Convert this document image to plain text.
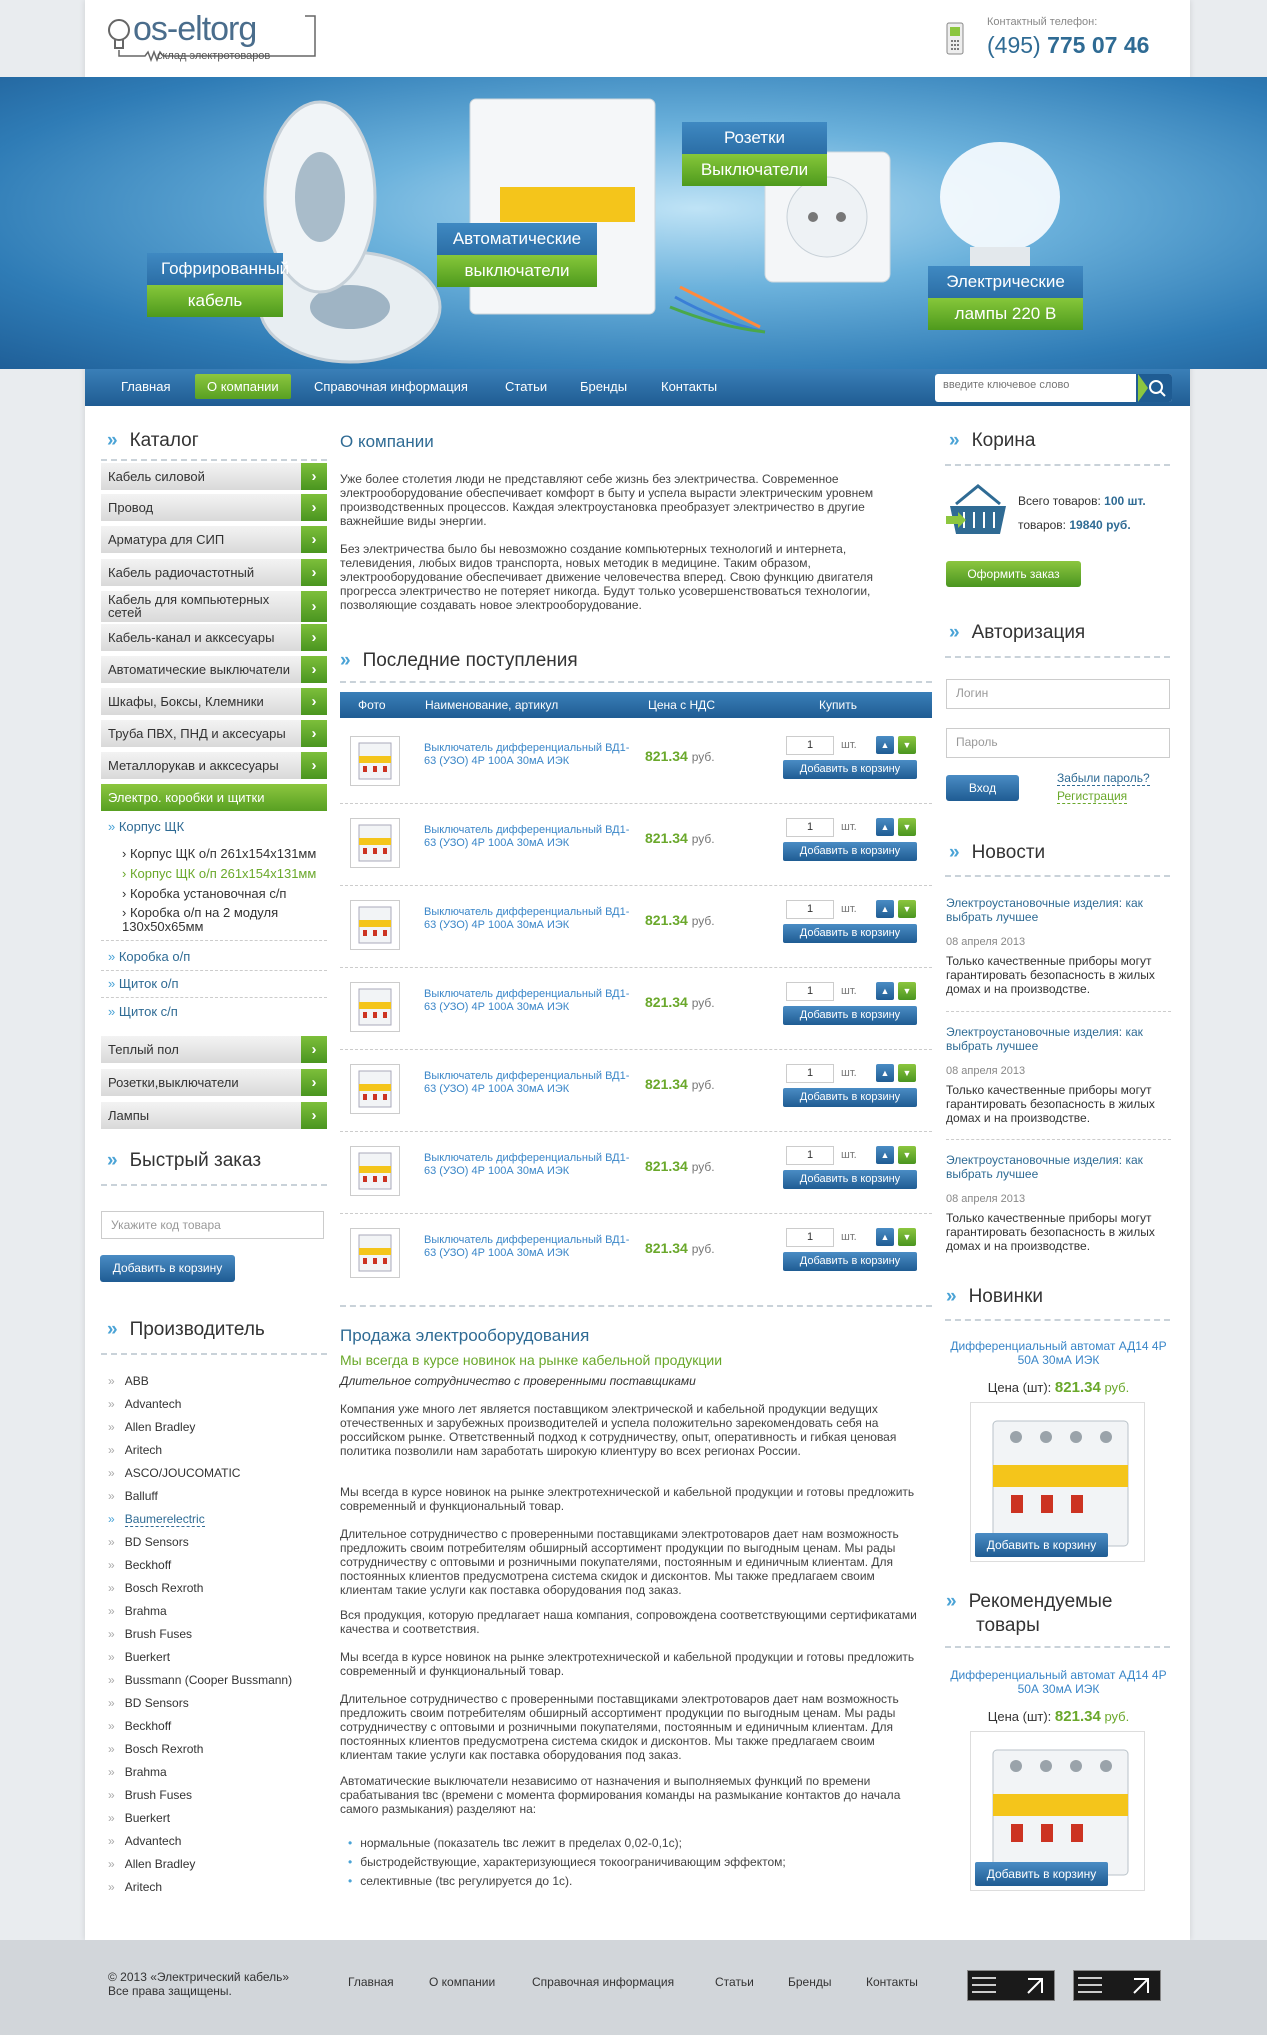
os-eltorg
склад электротоваров
Контактный телефон:
(495) 775 07 46
Гофрированный
кабель
Автоматические
выключатели
Розетки
Выключатели
Электрические
лампы 220 В
Главная	О компании	Справочная информация	Статьи	Бренды	Контакты
введите ключевое слово
» Каталог
Кабель силовой	›
Провод	›
Арматура для СИП	›
Кабель радиочастотный	›
Кабель для компьютерных сетей	›
Кабель-канал и акксесуары	›
Автоматические выключатели	›
Шкафы, Боксы, Клемники	›
Труба ПВХ, ПНД и аксесуары	›
Металлорукав и акксесуары	›
Электро. коробки и щитки
» Корпус ЩК
› Корпус ЩК о/п 261х154х131мм
› Корпус ЩК о/п 261х154х131мм
› Коробка установочная с/п
› Коробка о/п на 2 модуля 130х50х65мм
» Коробка о/п
» Щиток о/п
» Щиток с/п
Теплый пол	›
Розетки,выключатели	›
Лампы	›
» Быстрый заказ
Укажите код товара
Добавить в корзину
» Производитель
» ABB
» Advantech
» Allen Bradley
» Aritech
» ASCO/JOUCOMATIC
» Balluff
» Baumerelectric
» BD Sensors
» Beckhoff
» Bosch Rexroth
» Brahma
» Brush Fuses
» Buerkert
» Bussmann (Cooper Bussmann)
» BD Sensors
» Beckhoff
» Bosch Rexroth
» Brahma
» Brush Fuses
» Buerkert
» Advantech
» Allen Bradley
» Aritech
О компании
Уже более столетия люди не представляют себе жизнь без электричества. Современное электрооборудование обеспечивает комфорт в быту и успела вырасти электрическим уровнем производственных процессов. Каждая электроустановка преобразует электричество в другие важнейшие виды энергии.
Без электричества было бы невозможно создание компьютерных технологий и интернета, телевидения, любых видов транспорта, новых методик в медицине. Таким образом, электрооборудование обеспечивает движение человечества вперед. Свою функцию двигателя прогресса электричество не потеряет никогда. Будут только усовершенствоваться технологии, позволяющие создавать новое электрооборудование.
» Последние поступления
Фото	Наименование, артикул	Цена с НДС	Купить
Выключатель дифференциальный ВД1-63 (УЗО) 4Р 100А 30мА ИЭК	821.34 руб.
1	шт.	▲	▼
Добавить в корзину
Выключатель дифференциальный ВД1-63 (УЗО) 4Р 100А 30мА ИЭК	821.34 руб.
1	шт.	▲	▼
Добавить в корзину
Выключатель дифференциальный ВД1-63 (УЗО) 4Р 100А 30мА ИЭК	821.34 руб.
1	шт.	▲	▼
Добавить в корзину
Выключатель дифференциальный ВД1-63 (УЗО) 4Р 100А 30мА ИЭК	821.34 руб.
1	шт.	▲	▼
Добавить в корзину
Выключатель дифференциальный ВД1-63 (УЗО) 4Р 100А 30мА ИЭК	821.34 руб.
1	шт.	▲	▼
Добавить в корзину
Выключатель дифференциальный ВД1-63 (УЗО) 4Р 100А 30мА ИЭК	821.34 руб.
1	шт.	▲	▼
Добавить в корзину
Выключатель дифференциальный ВД1-63 (УЗО) 4Р 100А 30мА ИЭК	821.34 руб.
1	шт.	▲	▼
Добавить в корзину
Продажа электрооборудования
Мы всегда в курсе новинок на рынке кабельной продукции
Длительное сотрудничество с проверенными поставщиками
Компания уже много лет является поставщиком электрической и кабельной продукции ведущих отечественных и зарубежных производителей и успела положительно зарекомендовать себя на российском рынке. Ответственный подход к сотрудничеству, опыт, оперативность и гибкая ценовая политика позволили нам заработать широкую клиентуру во всех регионах России.
Мы всегда в курсе новинок на рынке электротехнической и кабельной продукции и готовы предложить современный и функциональный товар.
Длительное сотрудничество с проверенными поставщиками электротоваров дает нам возможность предложить своим потребителям обширный ассортимент продукции по выгодным ценам. Мы рады сотрудничеству с оптовыми и розничными покупателями, постоянным и единичным клиентам. Для постоянных клиентов предусмотрена система скидок и дисконтов. Мы также предлагаем своим клиентам такие услуги как поставка оборудования под заказ.
Вся продукция, которую предлагает наша компания, сопровождена соответствующими сертификатами качества и соответствия.
Мы всегда в курсе новинок на рынке электротехнической и кабельной продукции и готовы предложить современный и функциональный товар.
Длительное сотрудничество с проверенными поставщиками электротоваров дает нам возможность предложить своим потребителям обширный ассортимент продукции по выгодным ценам. Мы рады сотрудничеству с оптовыми и розничными покупателями, постоянным и единичным клиентам. Для постоянных клиентов предусмотрена система скидок и дисконтов. Мы также предлагаем своим клиентам такие услуги как поставка оборудования под заказ.
Автоматические выключатели независимо от назначения и выполняемых функций по времени срабатывания tвс (времени с момента формирования команды на размыкание контактов до начала самого размыкания) разделяют на:
• нормальные (показатель tвс лежит в пределах 0,02-0,1с);
• быстродействующие, характеризующиеся токоограничивающим эффектом;
• селективные (tвс регулируется до 1с).
» Корина
Всего товаров: 100 шт.
товаров: 19840 руб.
Оформить заказ
» Авторизация
Логин
Пароль
Вход
Забыли пароль?
Регистрация
» Новости
Электроустановочные изделия: как выбрать лучшее
08 апреля 2013
Только качественные приборы могут гарантировать безопасность в жилых домах и на производстве.
Электроустановочные изделия: как выбрать лучшее
08 апреля 2013
Только качественные приборы могут гарантировать безопасность в жилых домах и на производстве.
Электроустановочные изделия: как выбрать лучшее
08 апреля 2013
Только качественные приборы могут гарантировать безопасность в жилых домах и на производстве.
» Новинки
Дифференциальный автомат АД14 4Р 50А 30мА ИЭК
Цена (шт): 821.34 руб.
Добавить в корзину
» Рекомендуемые
товары
Дифференциальный автомат АД14 4Р 50А 30мА ИЭК
Цена (шт): 821.34 руб.
Добавить в корзину
© 2013 «Электрический кабель»
Все права защищены.
Главная	О компании	Справочная информация	Статьи	Бренды	Контакты
